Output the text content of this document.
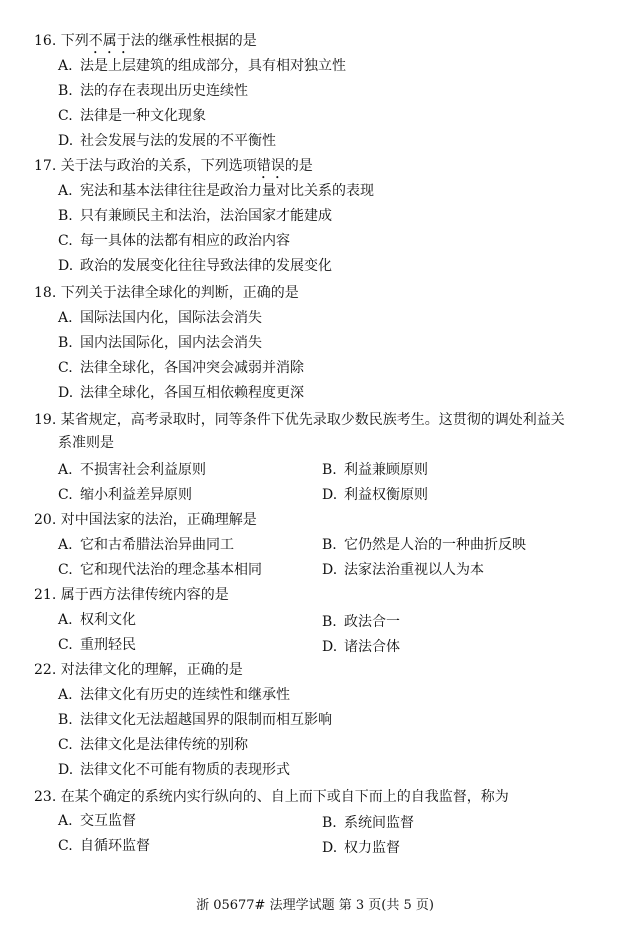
16. 下列不属于法的继承性根据的是
A. 法是上层建筑的组成部分，具有相对独立性
B. 法的存在表现出历史连续性
C. 法律是一种文化现象
D. 社会发展与法的发展的不平衡性
17. 关于法与政治的关系，下列选项错误的是
A. 宪法和基本法律往往是政治力量对比关系的表现
B. 只有兼顾民主和法治，法治国家才能建成
C. 每一具体的法都有相应的政治内容
D. 政治的发展变化往往导致法律的发展变化
18. 下列关于法律全球化的判断，正确的是
A. 国际法国内化，国际法会消失
B. 国内法国际化，国内法会消失
C. 法律全球化，各国冲突会减弱并消除
D. 法律全球化，各国互相依赖程度更深
19. 某省规定，高考录取时，同等条件下优先录取少数民族考生。这贯彻的调处利益关
系准则是
A. 不损害社会利益原则	B. 利益兼顾原则
C. 缩小利益差异原则	D. 利益权衡原则
20. 对中国法家的法治，正确理解是
A. 它和古希腊法治异曲同工	B. 它仍然是人治的一种曲折反映
C. 它和现代法治的理念基本相同	D. 法家法治重视以人为本
21. 属于西方法律传统内容的是
A. 权利文化	B. 政法合一
C. 重刑轻民	D. 诸法合体
22. 对法律文化的理解，正确的是
A. 法律文化有历史的连续性和继承性
B. 法律文化无法超越国界的限制而相互影响
C. 法律文化是法律传统的别称
D. 法律文化不可能有物质的表现形式
23. 在某个确定的系统内实行纵向的、自上而下或自下而上的自我监督，称为
A. 交互监督	B. 系统间监督
C. 自循环监督	D. 权力监督
浙 05677# 法理学试题 第 3 页(共 5 页)
